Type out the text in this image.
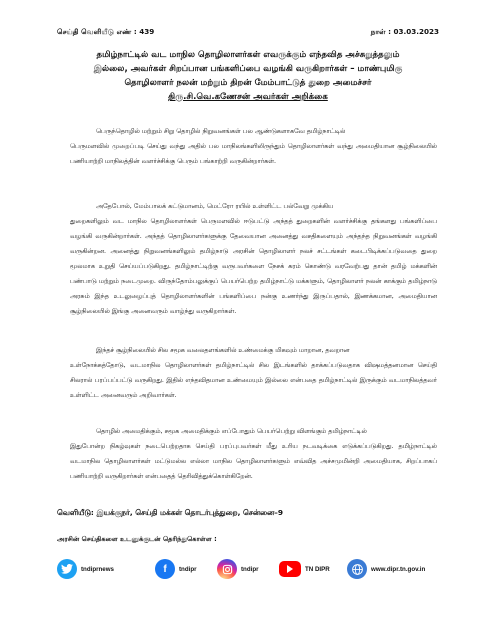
செய்தி வெளியீடு எண் : 439	நாள் : 03.03.2023
தமிழ்நாட்டில் வட மாநில தொழிலாளர்கள் எவருக்கும் எந்தவித அச்சுறுத்தலும்
இல்லை, அவர்கள் சிறப்பான பங்களிப்பை வழங்கி வருகிறார்கள் – மாண்புமிகு
தொழிலாளர் நலன் மற்றும் திறன் மேம்பாட்டுத் துறை அமைச்சர்
திரு.சி.வெ.கணேசன் அவர்கள் அறிக்கை
பெருந்தொழில் மற்றும் சிறு தொழில் நிறுவனங்கள் பல ஆண்டுகளாகவே தமிழ்நாட்டில்
பெருமளவில் முறைப்படி செய்து வந்து அதில் பல மாநிலங்களிலிருந்தும் தொழிலாளர்கள் வந்து அமைதியான சூழ்நிலையில் பணியாற்றி மாநிலத்தின் வளர்ச்சிக்கு பெரும் பங்காற்றி வருகின்றார்கள்.
அதேபோல், மேம்பாலக் கட்டுமானம், மெட்ரோ ரயில் உள்ளிட்ட பல்வேறு முக்கிய
துறைகளிலும் வட மாநில தொழிலாளர்கள் பெருமளவில் ஈடுபட்டு அந்தத் துறைகளின் வளர்ச்சிக்கு தங்களது பங்களிப்பை வழங்கி வருகின்றார்கள். அந்தத் தொழிலாளர்களுக்கு தேவையான அனைத்து வசதிகளையும் அந்தந்த நிறுவனங்கள் வழங்கி வருகின்றன. அனைத்து நிறுவனங்களிலும் தமிழ்நாடு அரசின் தொழிலாளர் நலச் சட்டங்கள் கடைபிடிக்கப்படுவதை துறை மூலமாக உறுதி செய்யப்படுகிறது. தமிழ்நாட்டிற்கு வருபவர்களை நேசக் கரம் கொண்டு வரவேற்பது தான் தமிழ் மக்களின் பண்பாடு மற்றும் நடைமுறை. விருந்தோம்பலுக்குப் பெயர்பெற்ற தமிழ்நாட்டு மக்களும், தொழிலாளர் நலன் காக்கும் தமிழ்நாடு அரசும் இந்த உடலுழைப்புத் தொழிலாளர்களின் பங்களிப்பை நன்கு உணர்ந்து இருப்பதால், இணக்கமான, அமைதியான சூழ்நிலையில் இங்கு அனைவரும் வாழ்ந்து வருகிறார்கள்.
இந்தச் சூழ்நிலையில் சில சமூக வலைதளங்களில் உண்மைக்கு மிகவும் மாறான, தவறான
உள்நோக்கத்தோடு, வடமாநில தொழிலாளர்கள் தமிழ்நாட்டில் சில இடங்களில் தாக்கப்படுவதாக விஷமத்தனமான செய்தி சிலரால் பரப்பப்பட்டு வருகிறது. இதில் எந்தவிதமான உண்மையும் இல்லை என்பதை தமிழ்நாட்டில் இருக்கும் வடமாநிலத்தவர் உள்ளிட்ட அனைவரும் அறிவார்கள்.
தொழில் அமைதிக்கும், சமூக அமைதிக்கும் எப்போதும் பெயர்பெற்று விளங்கும் தமிழ்நாட்டில்
இதுபோன்ற நிகழ்வுகள் நடைபெற்றதாக செய்தி பரப்புபவர்கள் மீது உரிய நடவடிக்கை எடுக்கப்படுகிறது. தமிழ்நாட்டில் வடமாநில தொழிலாளர்கள் மட்டுமல்ல எல்லா மாநில தொழிலாளர்களும் எவ்வித அச்சமுமின்றி அமைதியாக, சிறப்பாகப் பணியாற்றி வருகிறார்கள் என்பதைத் தெரிவித்துக்கொள்கிறேன்.
வெளியீடு: இயக்குநர், செய்தி மக்கள் தொடர்புத்துறை, சென்னை–9
அரசின் செய்திகளை உடனுக்குடன் தெரிந்துகொள்ள :
tndiprnews	f	tndipr	tndipr	TN DIPR	www.dipr.tn.gov.in
